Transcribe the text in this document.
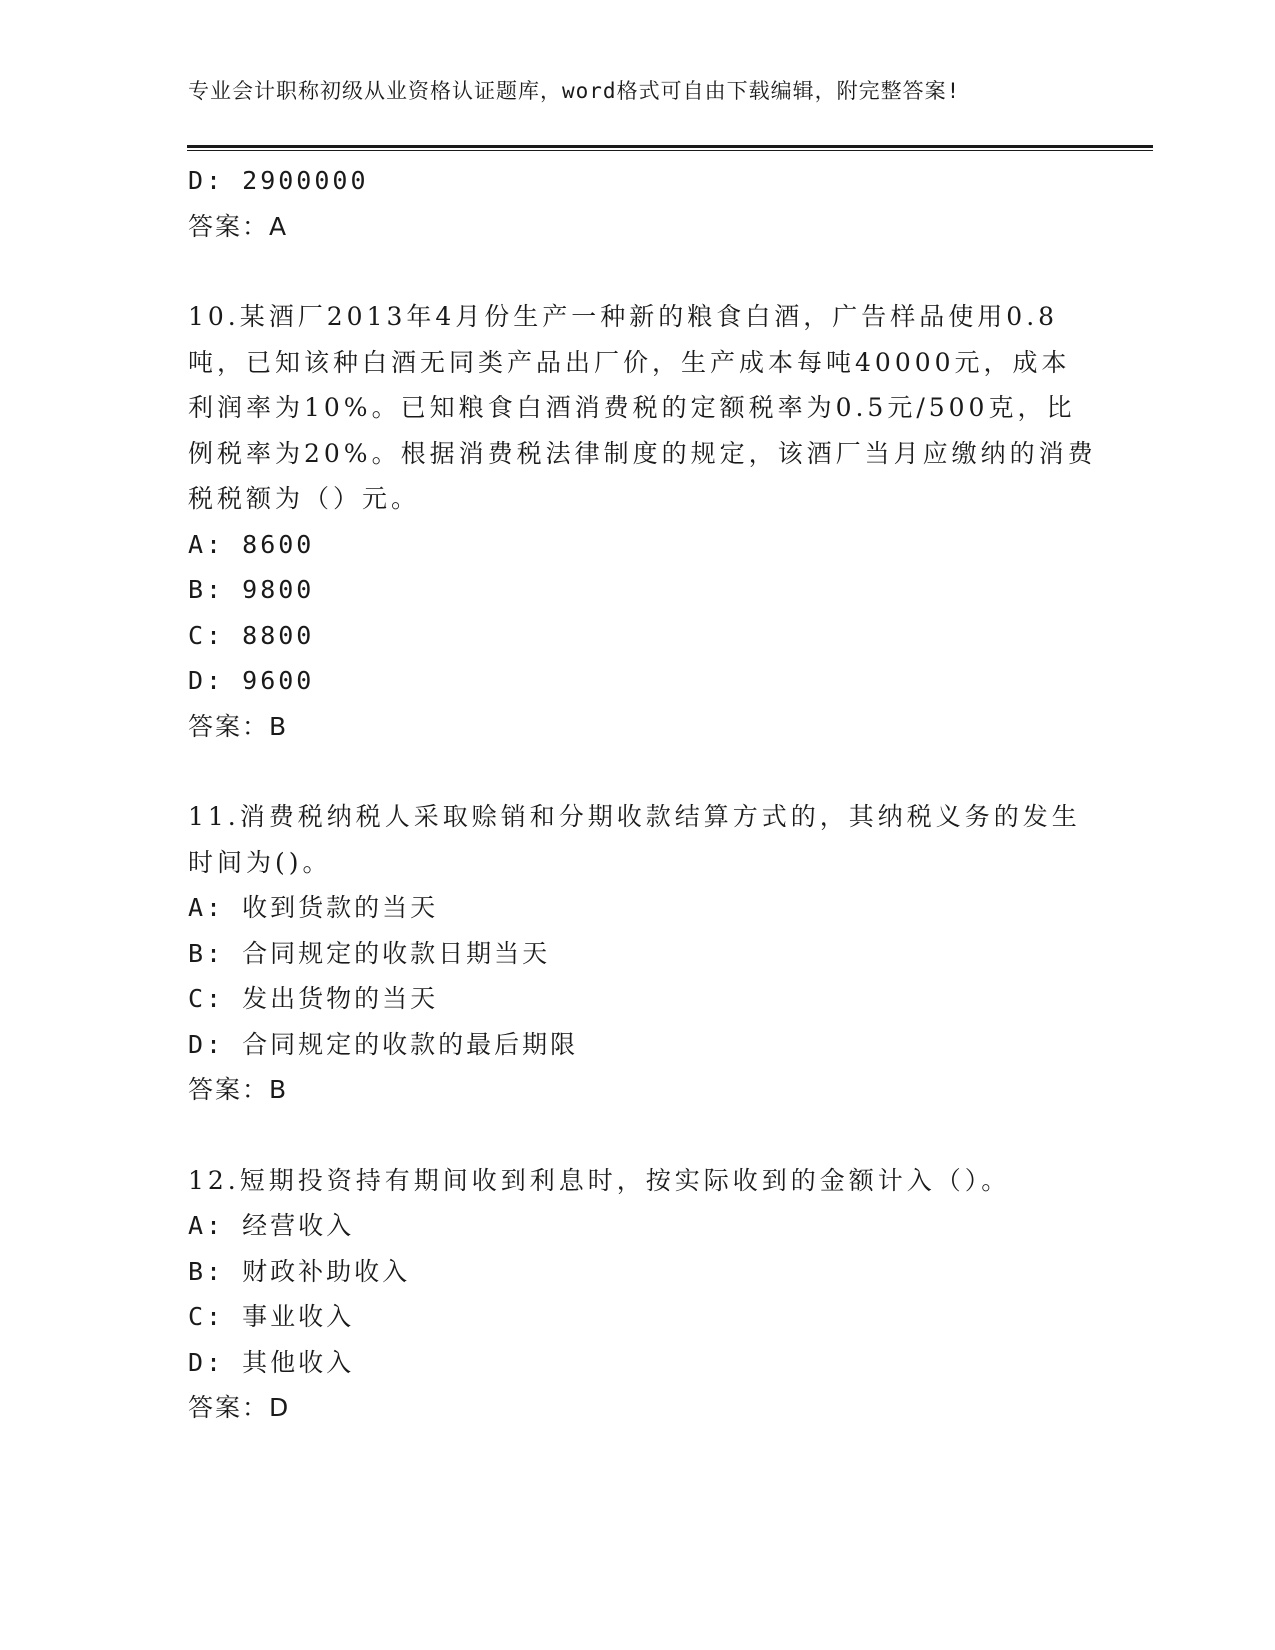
专业会计职称初级从业资格认证题库，word格式可自由下载编辑，附完整答案!
D: 2900000
答案：A
10.某酒厂2013年4月份生产一种新的粮食白酒，广告样品使用0.8
吨，已知该种白酒无同类产品出厂价，生产成本每吨40000元，成本
利润率为10%。已知粮食白酒消费税的定额税率为0.5元/500克，比
例税率为20%。根据消费税法律制度的规定，该酒厂当月应缴纳的消费
税税额为（）元。
A: 8600
B: 9800
C: 8800
D: 9600
答案：B
11.消费税纳税人采取赊销和分期收款结算方式的，其纳税义务的发生
时间为()。
A: 收到货款的当天
B: 合同规定的收款日期当天
C: 发出货物的当天
D: 合同规定的收款的最后期限
答案：B
12.短期投资持有期间收到利息时，按实际收到的金额计入（）。
A: 经营收入
B: 财政补助收入
C: 事业收入
D: 其他收入
答案：D
